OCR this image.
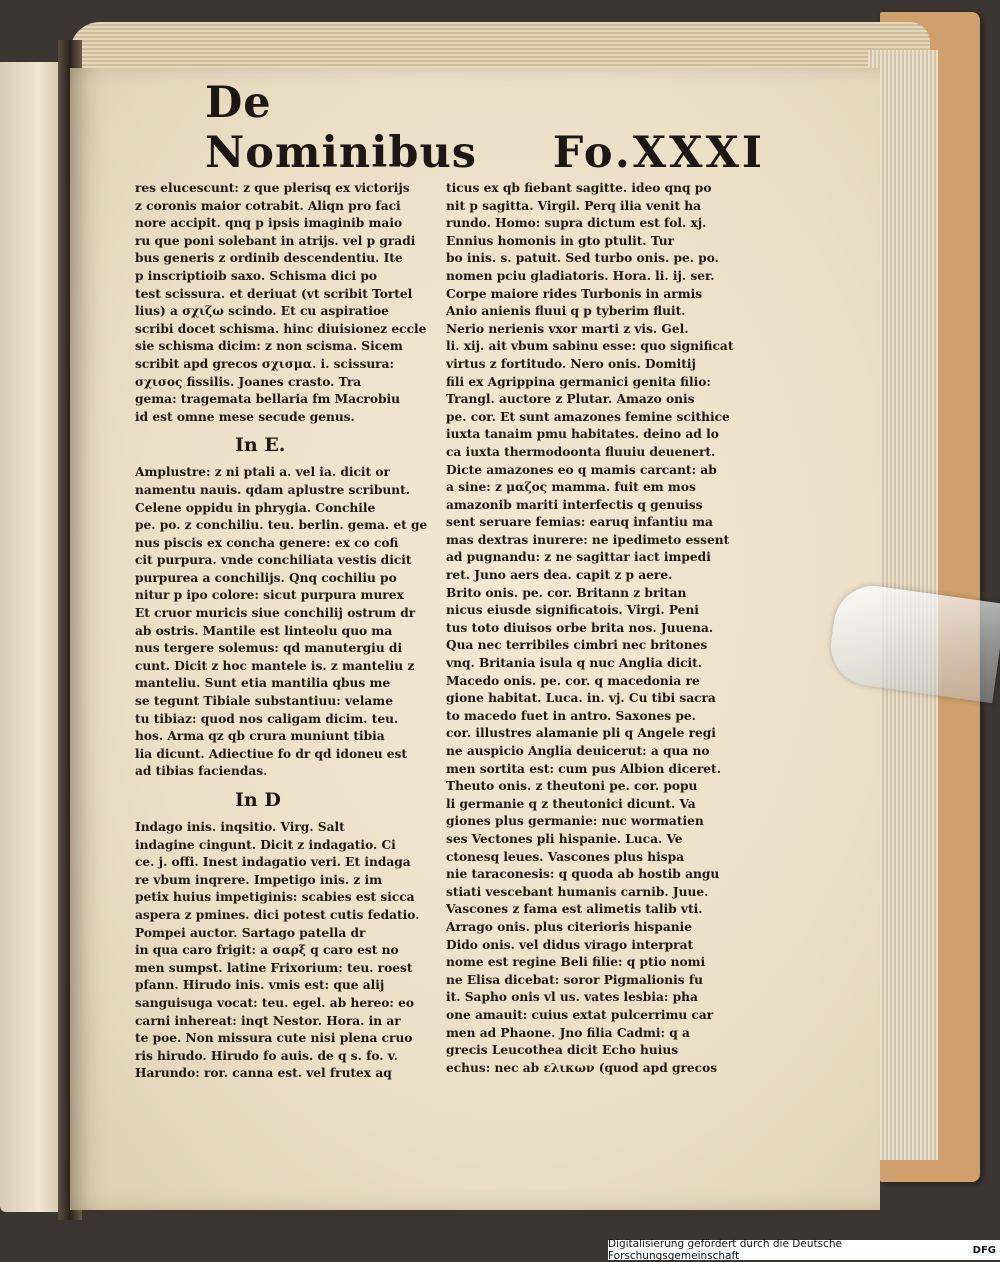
De Nominibus	Fo.XXXI
res elucescunt: z que plerisq ex victorijs
z coronis maior cotrabit. Aliqn pro faci
nore accipit. qnq p ipsis imaginib maio
ru que poni solebant in atrijs. vel p gradi
bus generis z ordinib descendentiu. Ite
p inscriptioib saxo. Schisma dici po
test scissura. et deriuat (vt scribit Tortel
lius) a σχιζω scindo. Et cu aspiratioe
scribi docet schisma. hinc diuisionez eccle
sie schisma dicim: z non scisma. Sicem
scribit apd grecos σχισμα. i. scissura:
σχισος fissilis. Joanes crasto. Tra
gema: tragemata bellaria fm Macrobiu
id est omne mese secude genus.
In E.
Amplustre: z ni ptali a. vel ia. dicit or
namentu nauis. qdam aplustre scribunt.
Celene oppidu in phrygia. Conchile
pe. po. z conchiliu. teu. berlin. gema. et ge
nus piscis ex concha genere: ex co cofi
cit purpura. vnde conchiliata vestis dicit
purpurea a conchilijs. Qnq cochiliu po
nitur p ipo colore: sicut purpura murex
Et cruor muricis siue conchilij ostrum dr
ab ostris. Mantile est linteolu quo ma
nus tergere solemus: qd manutergiu di
cunt. Dicit z hoc mantele is. z manteliu z
manteliu. Sunt etia mantilia qbus me
se tegunt Tibiale substantiuu: velame
tu tibiaz: quod nos caligam dicim. teu.
hos. Arma qz qb crura muniunt tibia
lia dicunt. Adiectiue fo dr qd idoneu est
ad tibias faciendas.
In D
Indago inis. inqsitio. Virg. Salt
indagine cingunt. Dicit z indagatio. Ci
ce. j. offi. Inest indagatio veri. Et indaga
re vbum inqrere. Impetigo inis. z im
petix huius impetiginis: scabies est sicca
aspera z pmines. dici potest cutis fedatio.
Pompei auctor. Sartago patella dr
in qua caro frigit: a σαρξ q caro est no
men sumpst. latine Frixorium: teu. roest
pfann. Hirudo inis. vmis est: que alij
sanguisuga vocat: teu. egel. ab hereo: eo
carni inhereat: inqt Nestor. Hora. in ar
te poe. Non missura cute nisi plena cruo
ris hirudo. Hirudo fo auis. de q s. fo. v.
Harundo: ror. canna est. vel frutex aq
ticus ex qb fiebant sagitte. ideo qnq po
nit p sagitta. Virgil. Perq ilia venit ha
rundo. Homo: supra dictum est fol. xj.
Ennius homonis in gto ptulit. Tur
bo inis. s. patuit. Sed turbo onis. pe. po.
nomen pciu gladiatoris. Hora. li. ij. ser.
Corpe maiore rides Turbonis in armis
Anio anienis fluui q p tyberim fluit.
Nerio nerienis vxor marti z vis. Gel.
li. xij. ait vbum sabinu esse: quo significat
virtus z fortitudo. Nero onis. Domitij
fili ex Agrippina germanici genita filio:
Trangl. auctore z Plutar. Amazo onis
pe. cor. Et sunt amazones femine scithice
iuxta tanaim pmu habitates. deino ad lo
ca iuxta thermodoonta fluuiu deuenert.
Dicte amazones eo q mamis carcant: ab
a sine: z μαζος mamma. fuit em mos
amazonib mariti interfectis q genuiss
sent seruare femias: earuq infantiu ma
mas dextras inurere: ne ipedimeto essent
ad pugnandu: z ne sagittar iact impedi
ret. Juno aers dea. capit z p aere.
Brito onis. pe. cor. Britann z britan
nicus eiusde significatois. Virgi. Peni
tus toto diuisos orbe brita nos. Juuena.
Qua nec terribiles cimbri nec britones
vnq. Britania isula q nuc Anglia dicit.
Macedo onis. pe. cor. q macedonia re
gione habitat. Luca. in. vj. Cu tibi sacra
to macedo fuet in antro. Saxones pe.
cor. illustres alamanie pli q Angele regi
ne auspicio Anglia deuicerut: a qua no
men sortita est: cum pus Albion diceret.
Theuto onis. z theutoni pe. cor. popu
li germanie q z theutonici dicunt. Va
giones plus germanie: nuc wormatien
ses Vectones pli hispanie. Luca. Ve
ctonesq leues. Vascones plus hispa
nie taraconesis: q quoda ab hostib angu
stiati vescebant humanis carnib. Juue.
Vascones z fama est alimetis talib vti.
Arrago onis. plus citerioris hispanie
Dido onis. vel didus virago interprat
nome est regine Beli filie: q ptio nomi
ne Elisa dicebat: soror Pigmalionis fu
it. Sapho onis vl us. vates lesbia: pha
one amauit: cuius extat pulcerrimu car
men ad Phaone. Jno filia Cadmi: q a
grecis Leucothea dicit Echo huius
echus: nec ab ελικων (quod apd grecos
Digitalisierung gefördert durch die Deutsche Forschungsgemeinschaft	DFG
